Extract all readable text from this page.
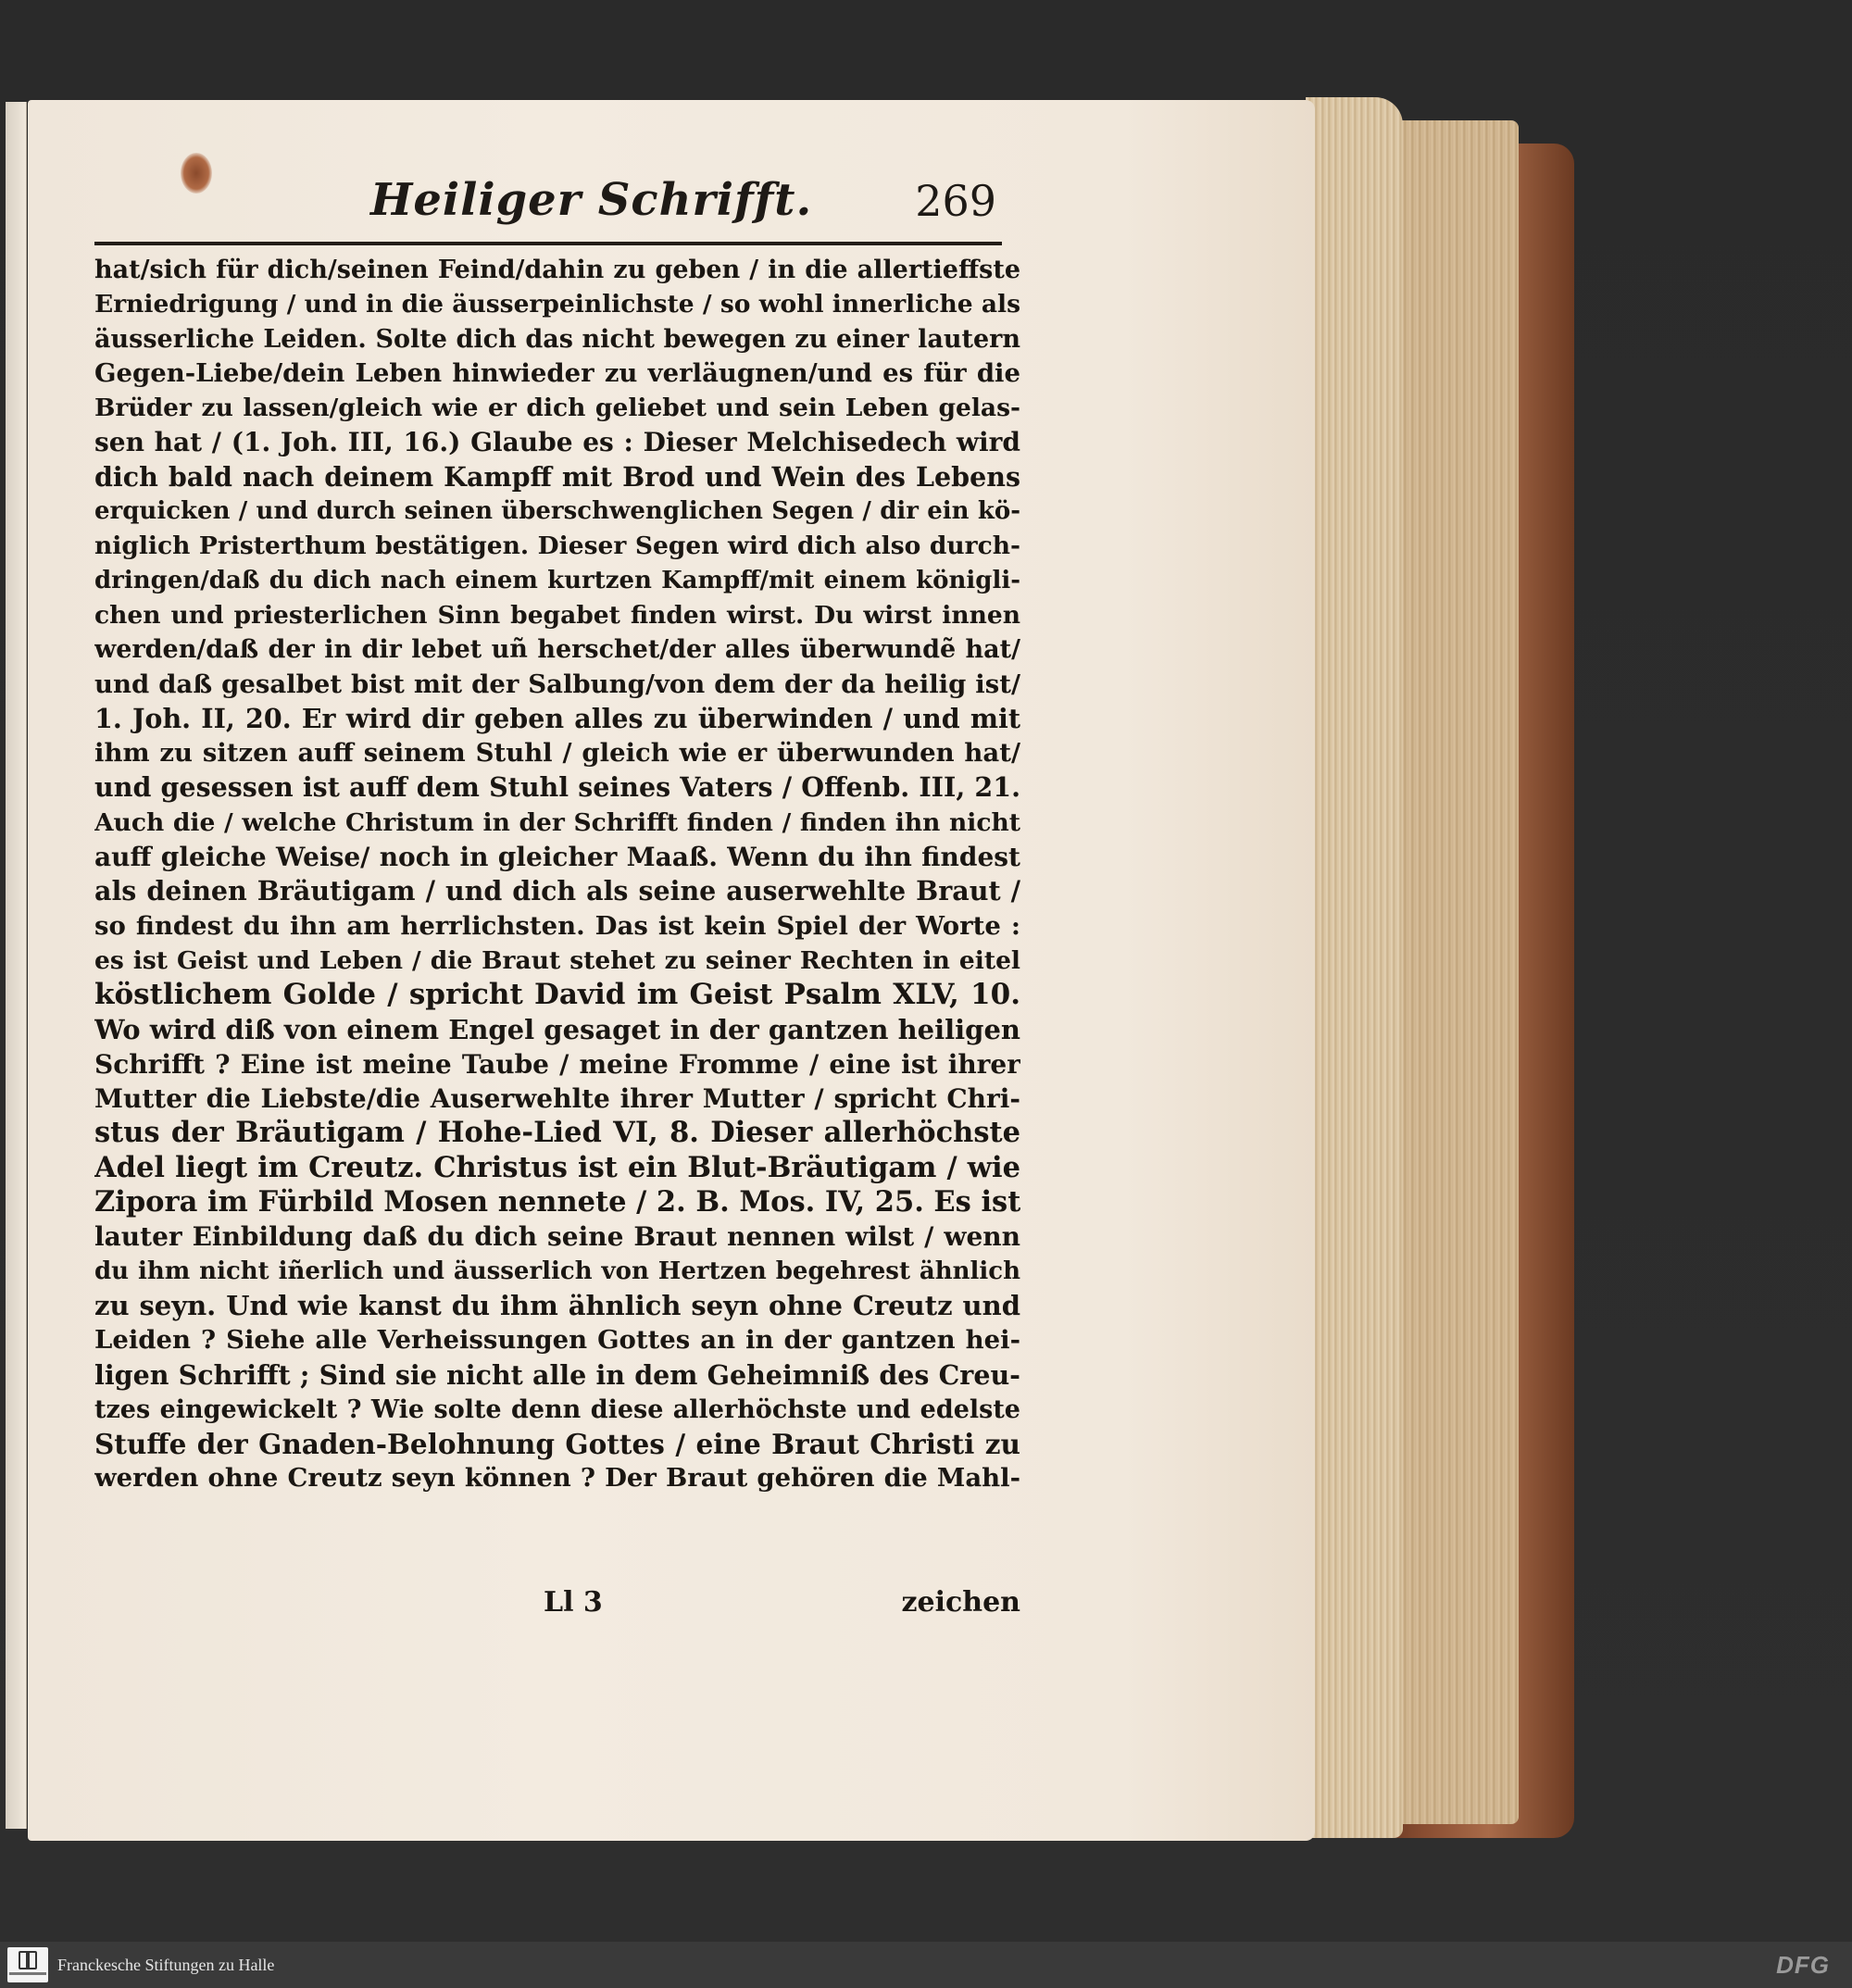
Heiliger Schrifft. 269
hat/sich für dich/seinen Feind/dahin zu geben / in die allertieffste
Erniedrigung / und in die äusserpeinlichste / so wohl innerliche als
äusserliche Leiden. Solte dich das nicht bewegen zu einer lautern
Gegen-Liebe/dein Leben hinwieder zu verläugnen/und es für die
Brüder zu lassen/gleich wie er dich geliebet und sein Leben gelas-
sen hat / (1. Joh. III, 16.) Glaube es : Dieser Melchisedech wird
dich bald nach deinem Kampff mit Brod und Wein des Lebens
erquicken / und durch seinen überschwenglichen Segen / dir ein kö-
niglich Pristerthum bestätigen. Dieser Segen wird dich also durch-
dringen/daß du dich nach einem kurtzen Kampff/mit einem königli-
chen und priesterlichen Sinn begabet finden wirst. Du wirst innen
werden/daß der in dir lebet uñ herschet/der alles überwundẽ hat/
und daß gesalbet bist mit der Salbung/von dem der da heilig ist/
1. Joh. II, 20. Er wird dir geben alles zu überwinden / und mit
ihm zu sitzen auff seinem Stuhl / gleich wie er überwunden hat/
und gesessen ist auff dem Stuhl seines Vaters / Offenb. III, 21.
Auch die / welche Christum in der Schrifft finden / finden ihn nicht
auff gleiche Weise/ noch in gleicher Maaß. Wenn du ihn findest
als deinen Bräutigam / und dich als seine auserwehlte Braut /
so findest du ihn am herrlichsten. Das ist kein Spiel der Worte :
es ist Geist und Leben / die Braut stehet zu seiner Rechten in eitel
köstlichem Golde / spricht David im Geist Psalm XLV, 10.
Wo wird diß von einem Engel gesaget in der gantzen heiligen
Schrifft ? Eine ist meine Taube / meine Fromme / eine ist ihrer
Mutter die Liebste/die Auserwehlte ihrer Mutter / spricht Chri-
stus der Bräutigam / Hohe-Lied VI, 8. Dieser allerhöchste
Adel liegt im Creutz. Christus ist ein Blut-Bräutigam / wie
Zipora im Fürbild Mosen nennete / 2. B. Mos. IV, 25. Es ist
lauter Einbildung daß du dich seine Braut nennen wilst / wenn
du ihm nicht iñerlich und äusserlich von Hertzen begehrest ähnlich
zu seyn. Und wie kanst du ihm ähnlich seyn ohne Creutz und
Leiden ? Siehe alle Verheissungen Gottes an in der gantzen hei-
ligen Schrifft ; Sind sie nicht alle in dem Geheimniß des Creu-
tzes eingewickelt ? Wie solte denn diese allerhöchste und edelste
Stuffe der Gnaden-Belohnung Gottes / eine Braut Christi zu
werden ohne Creutz seyn können ? Der Braut gehören die Mahl-
Ll 3	zeichen
Franckesche Stiftungen zu Halle	DFG
